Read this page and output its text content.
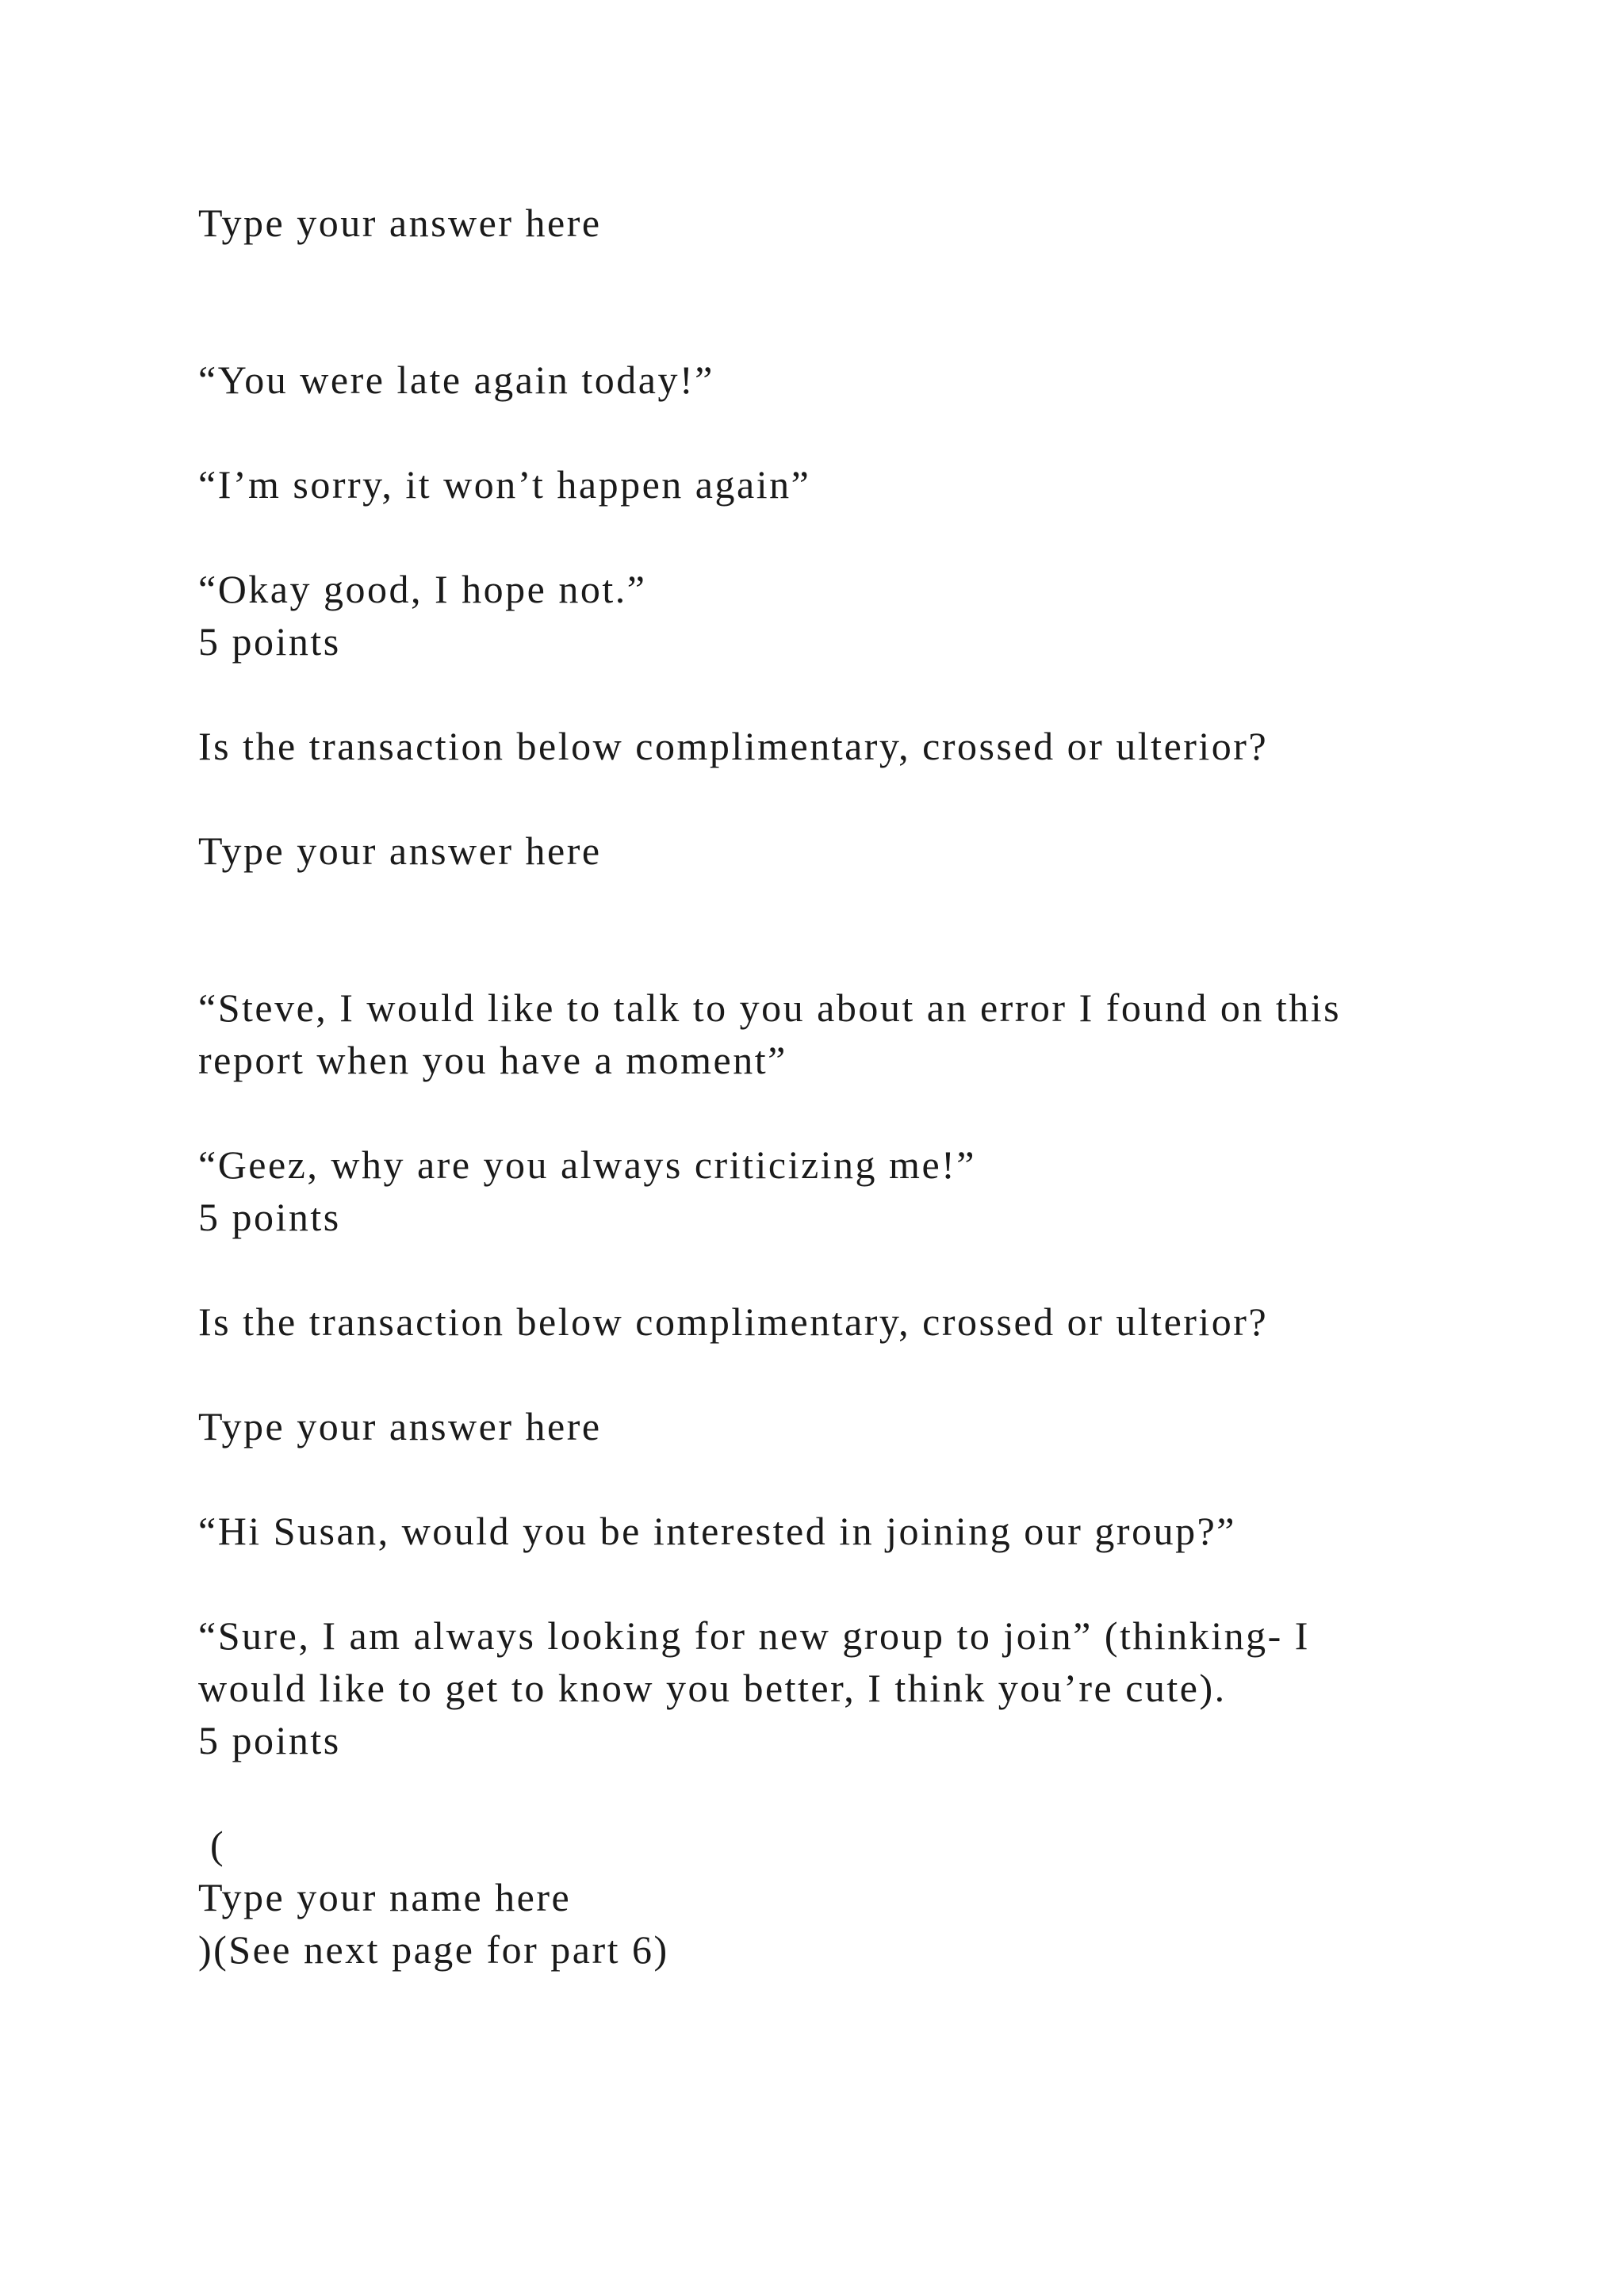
Type your answer here
“You were late again today!”
“I’m sorry, it won’t happen again”
“Okay good, I hope not.”
5 points
Is the transaction below complimentary, crossed or ulterior?
Type your answer here
“Steve, I would like to talk to you about an error I found on this
report when you have a moment”
“Geez, why are you always criticizing me!”
5 points
Is the transaction below complimentary, crossed or ulterior?
Type your answer here
“Hi Susan, would you be interested in joining our group?”
“Sure, I am always looking for new group to join” (thinking- I
would like to get to know you better, I think you’re cute).
5 points
(
Type your name here
)(See next page for part 6)
